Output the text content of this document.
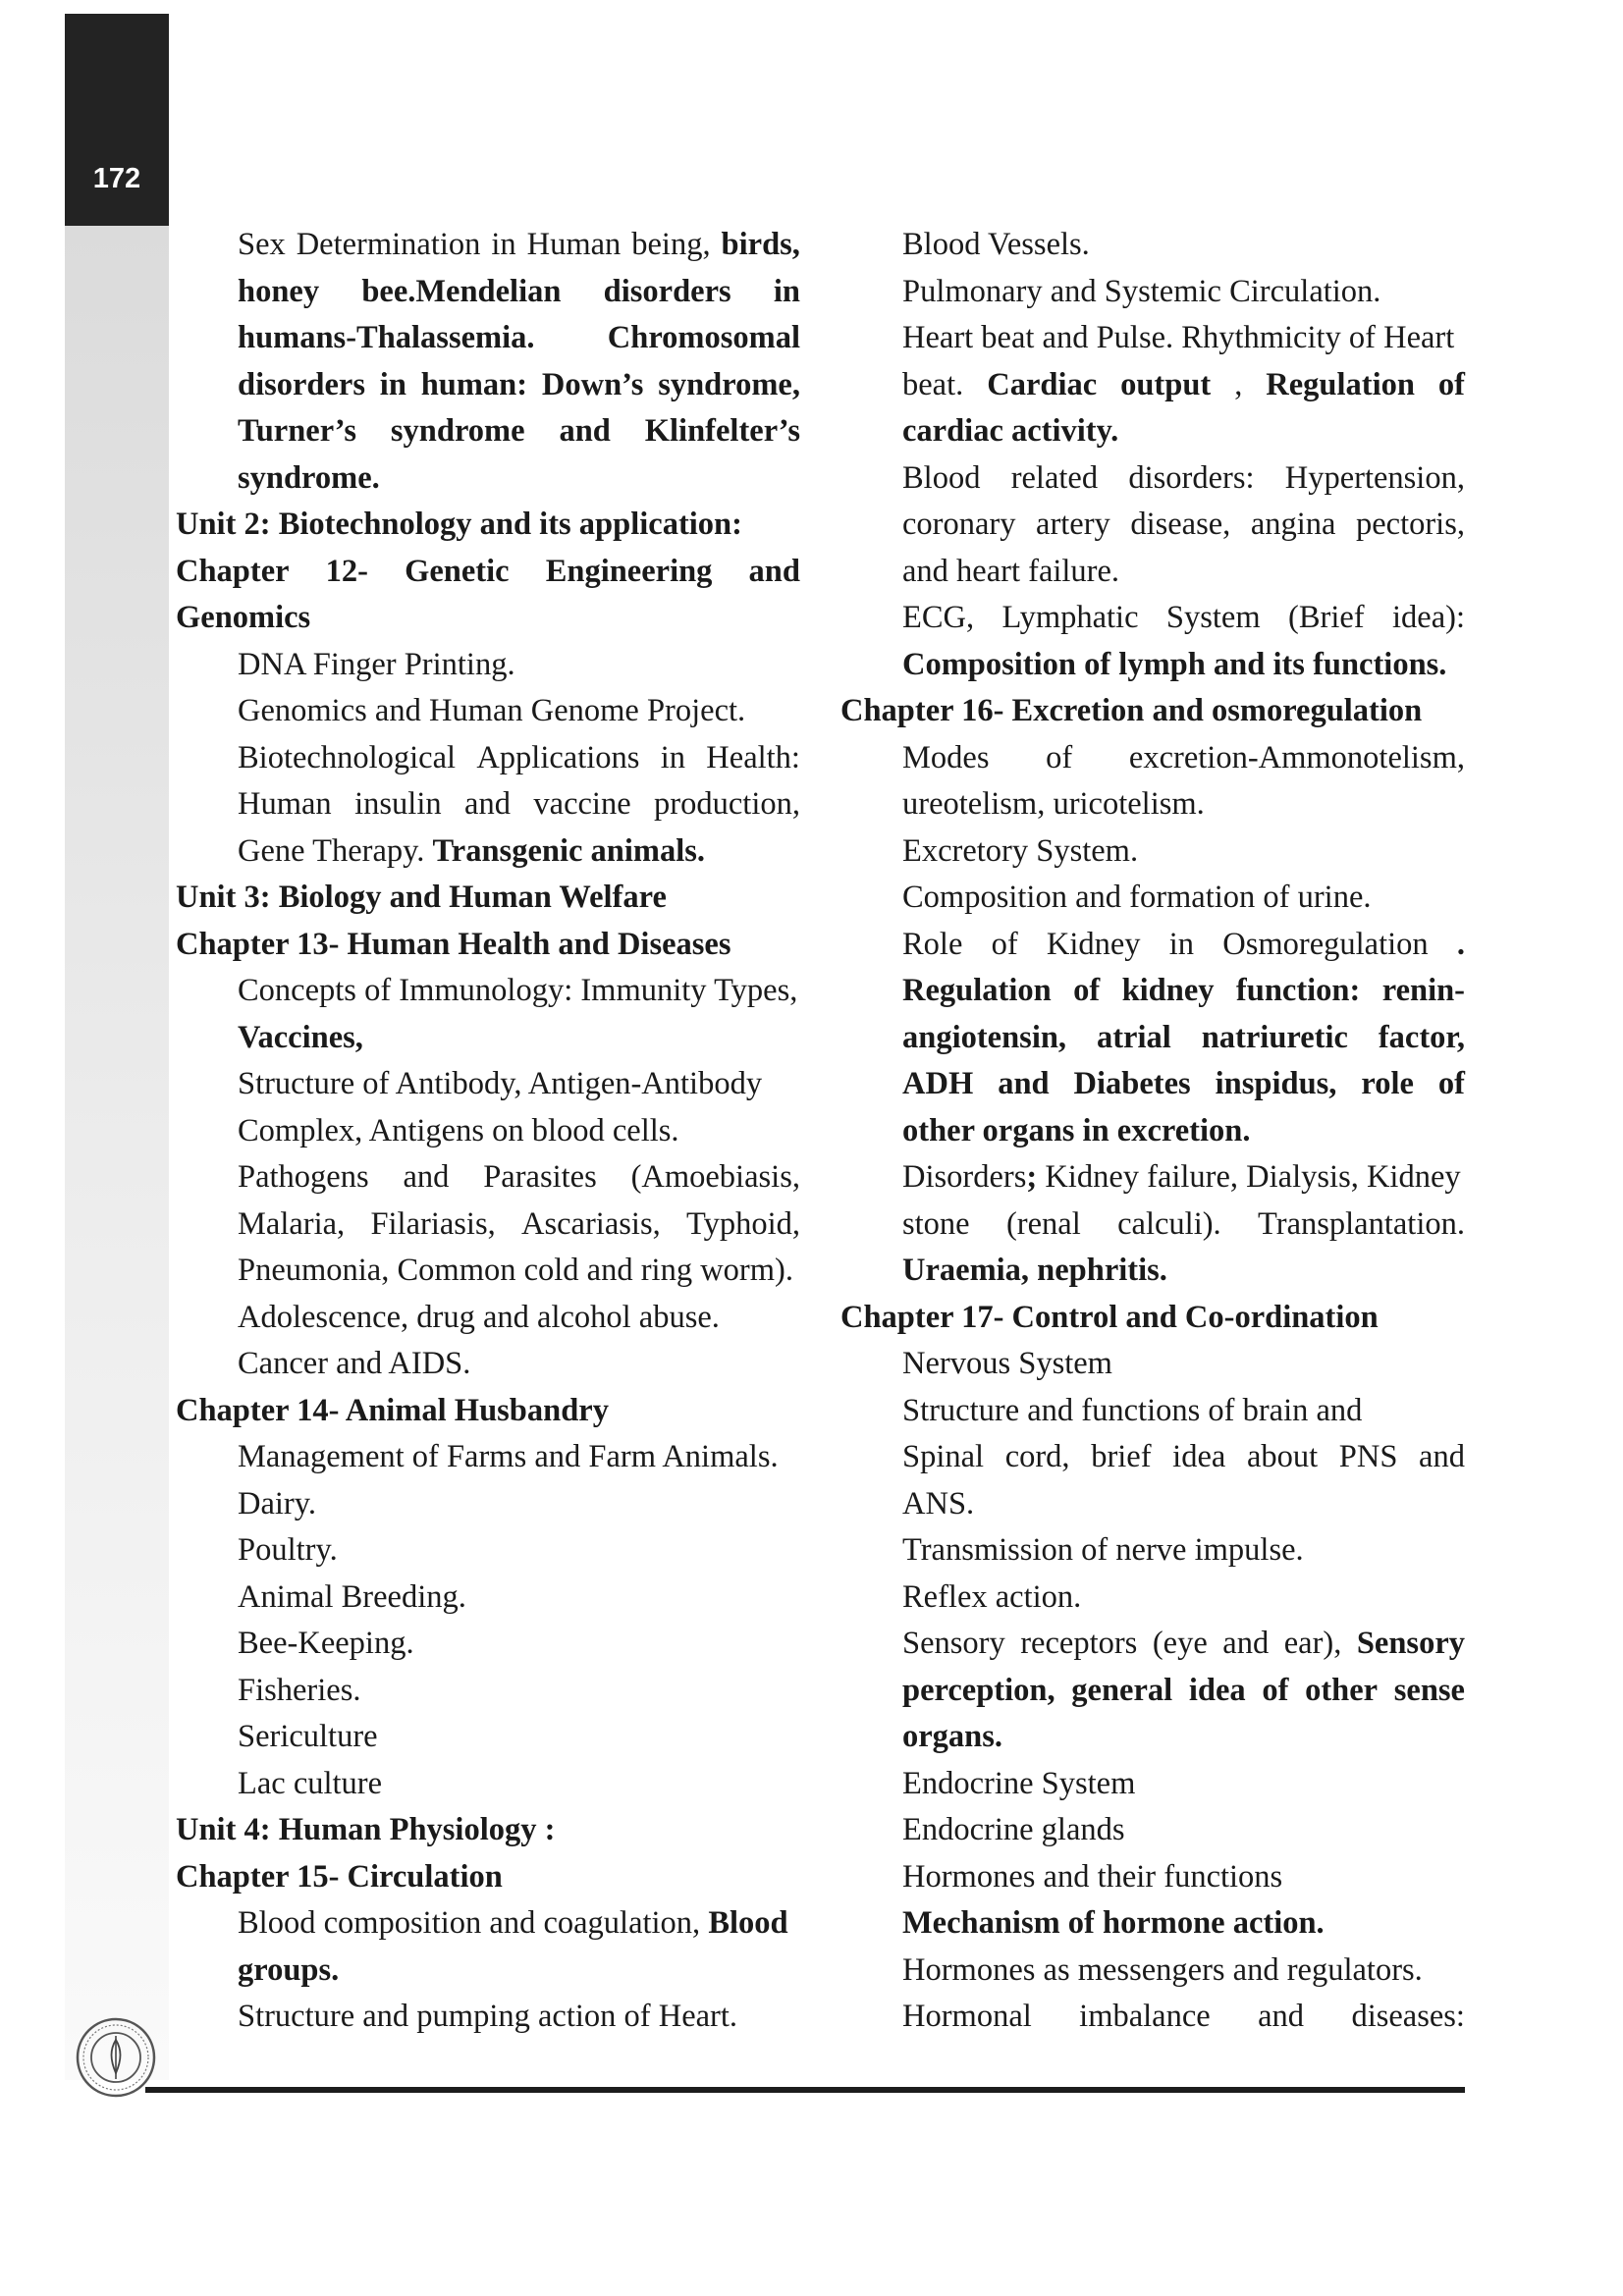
172
Sex Determination in Human being, birds,
honey bee.Mendelian disorders in
humans-Thalassemia. Chromosomal
disorders in human: Down’s syndrome,
Turner’s syndrome and Klinfelter’s
syndrome.
Unit 2: Biotechnology and its application:
Chapter 12- Genetic Engineering and
Genomics
DNA Finger Printing.
Genomics and Human Genome Project.
Biotechnological Applications in Health:
Human insulin and vaccine production,
Gene Therapy. Transgenic animals.
Unit 3: Biology and Human Welfare
Chapter 13- Human Health and Diseases
Concepts of Immunology: Immunity Types,
Vaccines,
Structure of Antibody, Antigen-Antibody
Complex, Antigens on blood cells.
Pathogens and Parasites (Amoebiasis,
Malaria, Filariasis, Ascariasis, Typhoid,
Pneumonia, Common cold and ring worm).
Adolescence, drug and alcohol abuse.
Cancer and AIDS.
Chapter 14- Animal Husbandry
Management of Farms and Farm Animals.
Dairy.
Poultry.
Animal Breeding.
Bee-Keeping.
Fisheries.
Sericulture
Lac culture
Unit 4: Human Physiology :
Chapter 15- Circulation
Blood composition and coagulation, Blood
groups.
Structure and pumping action of Heart.
Blood Vessels.
Pulmonary and Systemic Circulation.
Heart beat and Pulse. Rhythmicity of Heart
beat. Cardiac output , Regulation of
cardiac activity.
Blood related disorders: Hypertension,
coronary artery disease, angina pectoris,
and heart failure.
ECG, Lymphatic System (Brief idea):
Composition of lymph and its functions.
Chapter 16- Excretion and osmoregulation
Modes of excretion-Ammonotelism,
ureotelism, uricotelism.
Excretory System.
Composition and formation of urine.
Role of Kidney in Osmoregulation .
Regulation of kidney function: renin-
angiotensin, atrial natriuretic factor,
ADH and Diabetes inspidus, role of
other organs in excretion.
Disorders; Kidney failure, Dialysis, Kidney
stone (renal calculi). Transplantation.
Uraemia, nephritis.
Chapter 17- Control and Co-ordination
Nervous System
Structure and functions of brain and
Spinal cord, brief idea about PNS and
ANS.
Transmission of nerve impulse.
Reflex action.
Sensory receptors (eye and ear), Sensory
perception, general idea of other sense
organs.
Endocrine System
Endocrine glands
Hormones and their functions
Mechanism of hormone action.
Hormones as messengers and regulators.
Hormonal imbalance and diseases:
